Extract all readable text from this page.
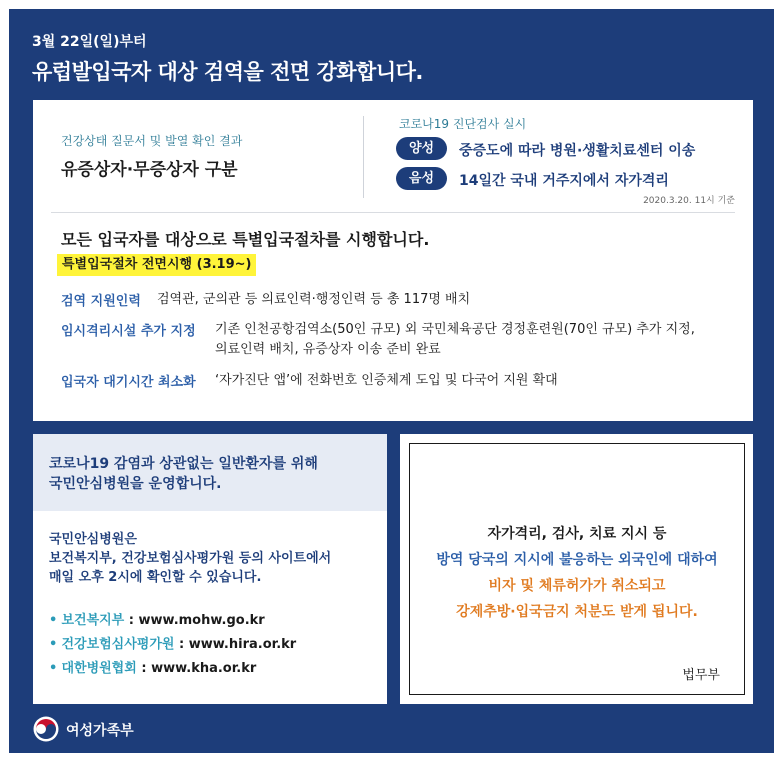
3월 22일(일)부터
유럽발입국자 대상 검역을 전면 강화합니다.
건강상태 질문서 및 발열 확인 결과
유증상자·무증상자 구분
코로나19 진단검사 실시
양성	중증도에 따라 병원·생활치료센터 이송
음성	14일간 국내 거주지에서 자가격리
2020.3.20. 11시 기준
모든 입국자를 대상으로 특별입국절차를 시행합니다.
특별입국절차 전면시행 (3.19~)
검역 지원인력 검역관, 군의관 등 의료인력·행정인력 등 총 117명 배치
임시격리시설 추가 지정 기존 인천공항검역소(50인 규모) 외 국민체육공단 경정훈련원(70인 규모) 추가 지정,
의료인력 배치, 유증상자 이송 준비 완료
입국자 대기시간 최소화 ‘자가진단 앱’에 전화번호 인증체계 도입 및 다국어 지원 확대
코로나19 감염과 상관없는 일반환자를 위해
국민안심병원을 운영합니다.
국민안심병원은
보건복지부, 건강보험심사평가원 등의 사이트에서
매일 오후 2시에 확인할 수 있습니다.
• 보건복지부 : www.mohw.go.kr
• 건강보험심사평가원 : www.hira.or.kr
• 대한병원협회 : www.kha.or.kr
자가격리, 검사, 치료 지시 등
방역 당국의 지시에 불응하는 외국인에 대하여
비자 및 체류허가가 취소되고
강제추방·입국금지 처분도 받게 됩니다.
법무부
여성가족부
